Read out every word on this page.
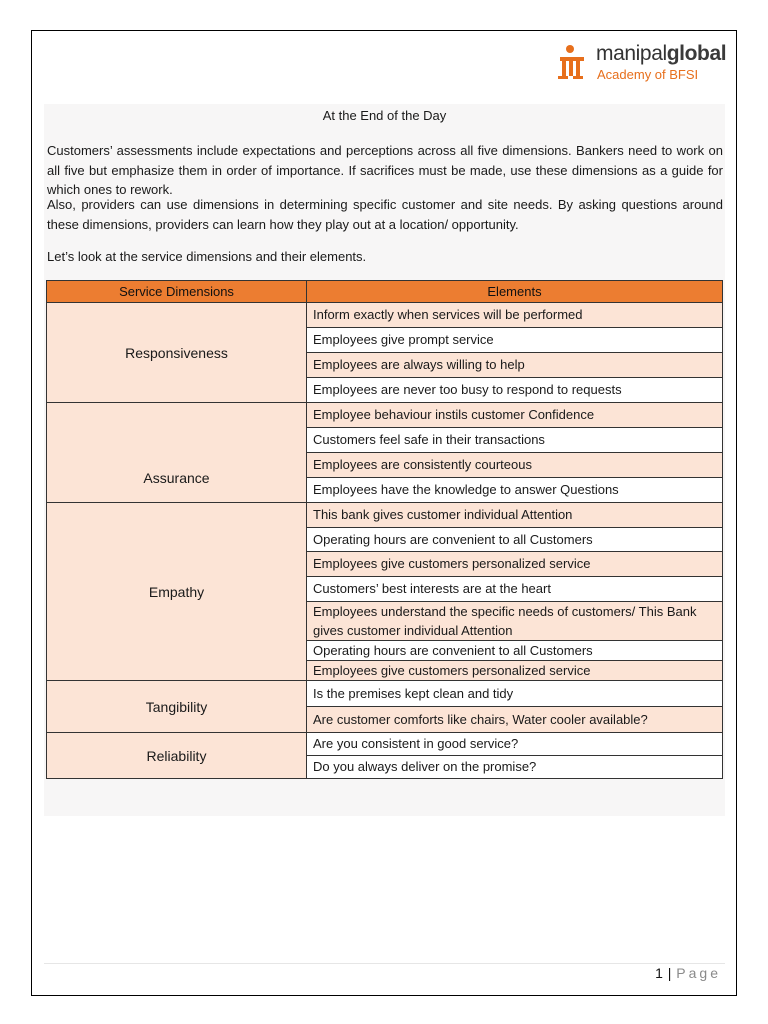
manipalglobal
Academy of BFSI
At the End of the Day

Customers’ assessments include expectations and perceptions across all five dimensions. Bankers need to work on all five but emphasize them in order of importance. If sacrifices must be made, use these dimensions as a guide for which ones to rework.

Also, providers can use dimensions in determining specific customer and site needs. By asking questions around these dimensions, providers can learn how they play out at a location/ opportunity.

Let’s look at the service dimensions and their elements.

Service Dimensions	Elements
Responsiveness	Inform exactly when services will be performed
	Employees give prompt service
	Employees are always willing to help
	Employees are never too busy to respond to requests
Assurance	Employee behaviour instils customer Confidence
	Customers feel safe in their transactions
	Employees are consistently courteous
	Employees have the knowledge to answer Questions
Empathy	This bank gives customer individual Attention
	Operating hours are convenient to all Customers
	Employees give customers personalized service
	Customers’ best interests are at the heart
	Employees understand the specific needs of customers/ This Bank gives customer individual Attention
	Operating hours are convenient to all Customers
	Employees give customers personalized service
Tangibility	Is the premises kept clean and tidy
	Are customer comforts like chairs, Water cooler available?
Reliability	Are you consistent in good service?
	Do you always deliver on the promise?
1 | Page
